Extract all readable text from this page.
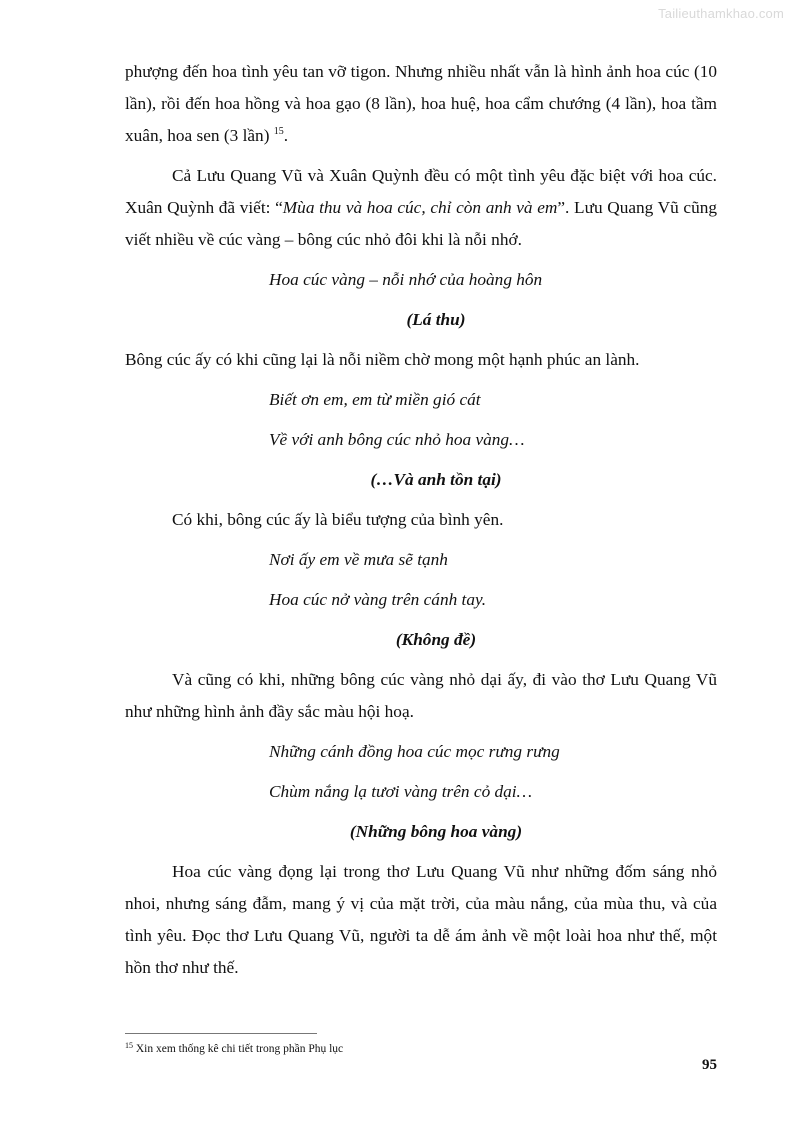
Tailieuthamkhao.com

phượng đến hoa tình yêu tan vỡ tigon. Nhưng nhiều nhất vẫn là hình ảnh hoa cúc (10 lần), rồi đến hoa hồng và hoa gạo (8 lần), hoa huệ, hoa cẩm chướng (4 lần), hoa tầm xuân, hoa sen (3 lần) $^{15}$.

Cả Lưu Quang Vũ và Xuân Quỳnh đều có một tình yêu đặc biệt với hoa cúc. Xuân Quỳnh đã viết: “Mùa thu và hoa cúc, chỉ còn anh và em”. Lưu Quang Vũ cũng viết nhiều về cúc vàng – bông cúc nhỏ đôi khi là nỗi nhớ.

Hoa cúc vàng – nỗi nhớ của hoàng hôn

(Lá thu)

Bông cúc ấy có khi cũng lại là nỗi niềm chờ mong một hạnh phúc an lành.

Biết ơn em, em từ miền gió cát

Về với anh bông cúc nhỏ hoa vàng…

(…Và anh tồn tại)

Có khi, bông cúc ấy là biểu tượng của bình yên.

Nơi ấy em về mưa sẽ tạnh

Hoa cúc nở vàng trên cánh tay.

(Không đề)

Và cũng có khi, những bông cúc vàng nhỏ dại ấy, đi vào thơ Lưu Quang Vũ như những hình ảnh đầy sắc màu hội hoạ.

Những cánh đồng hoa cúc mọc rưng rưng

Chùm nắng lạ tươi vàng trên cỏ dại…

(Những bông hoa vàng)

Hoa cúc vàng đọng lại trong thơ Lưu Quang Vũ như những đốm sáng nhỏ nhoi, nhưng sáng đẫm, mang ý vị của mặt trời, của màu nắng, của mùa thu, và của tình yêu. Đọc thơ Lưu Quang Vũ, người ta dễ ám ảnh về một loài hoa như thế, một hồn thơ như thế.

$^{15}$ Xin xem thống kê chi tiết trong phần Phụ lục
95
